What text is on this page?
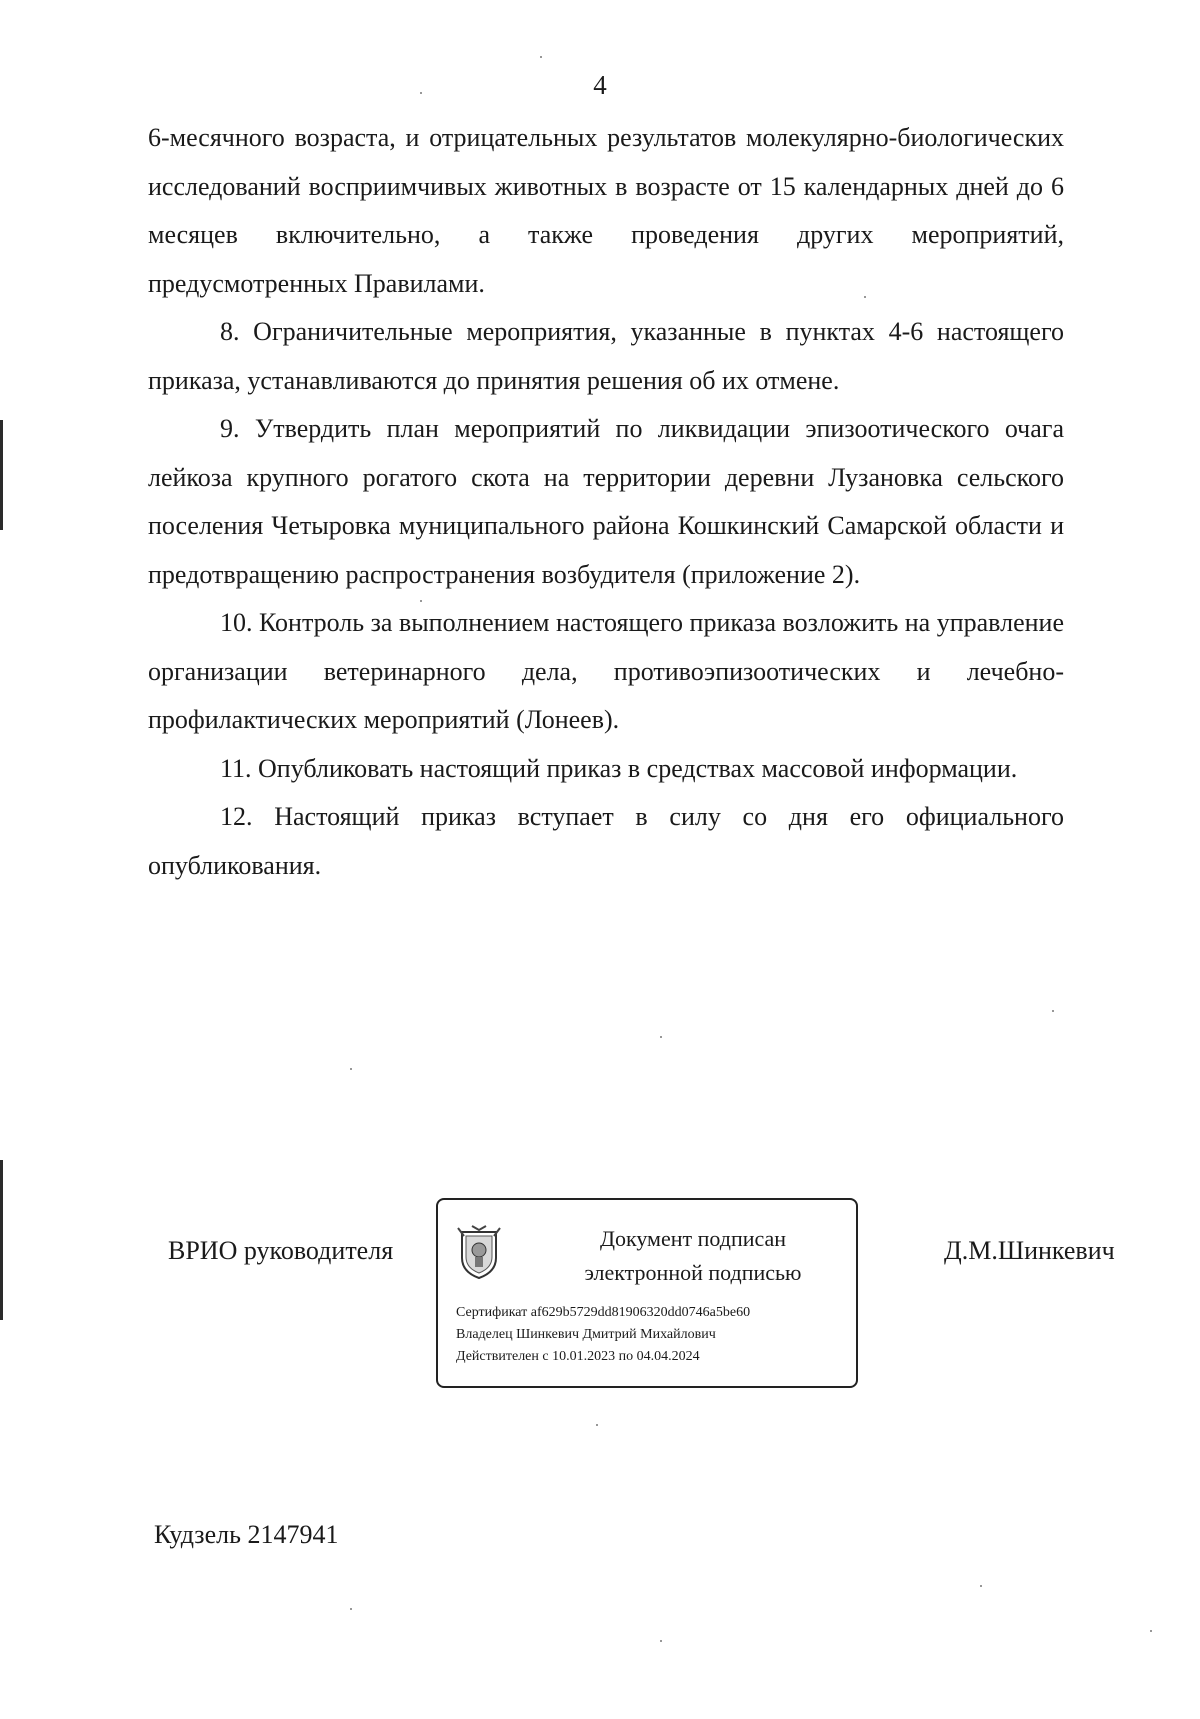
4

6-месячного возраста, и отрицательных результатов молекулярно-биологических исследований восприимчивых животных в возрасте от 15 календарных дней до 6 месяцев включительно, а также проведения других мероприятий, предусмотренных Правилами.

8. Ограничительные мероприятия, указанные в пунктах 4-6 настоящего приказа, устанавливаются до принятия решения об их отмене.

9. Утвердить план мероприятий по ликвидации эпизоотического очага лейкоза крупного рогатого скота на территории деревни Лузановка сельского поселения Четыровка муниципального района Кошкинский Самарской области и предотвращению распространения возбудителя (приложение 2).

10. Контроль за выполнением настоящего приказа возложить на управление организации ветеринарного дела, противоэпизоотических и лечебно-профилактических мероприятий (Лонеев).

11. Опубликовать настоящий приказ в средствах массовой информации.

12. Настоящий приказ вступает в силу со дня его официального опубликования.

ВРИО руководителя	Документ подписан
электронной подписью
Сертификат af629b5729dd81906320dd0746a5be60
Владелец Шинкевич Дмитрий Михайлович
Действителен с 10.01.2023 по 04.04.2024
Д.М.Шинкевич
Кудзель 2147941
